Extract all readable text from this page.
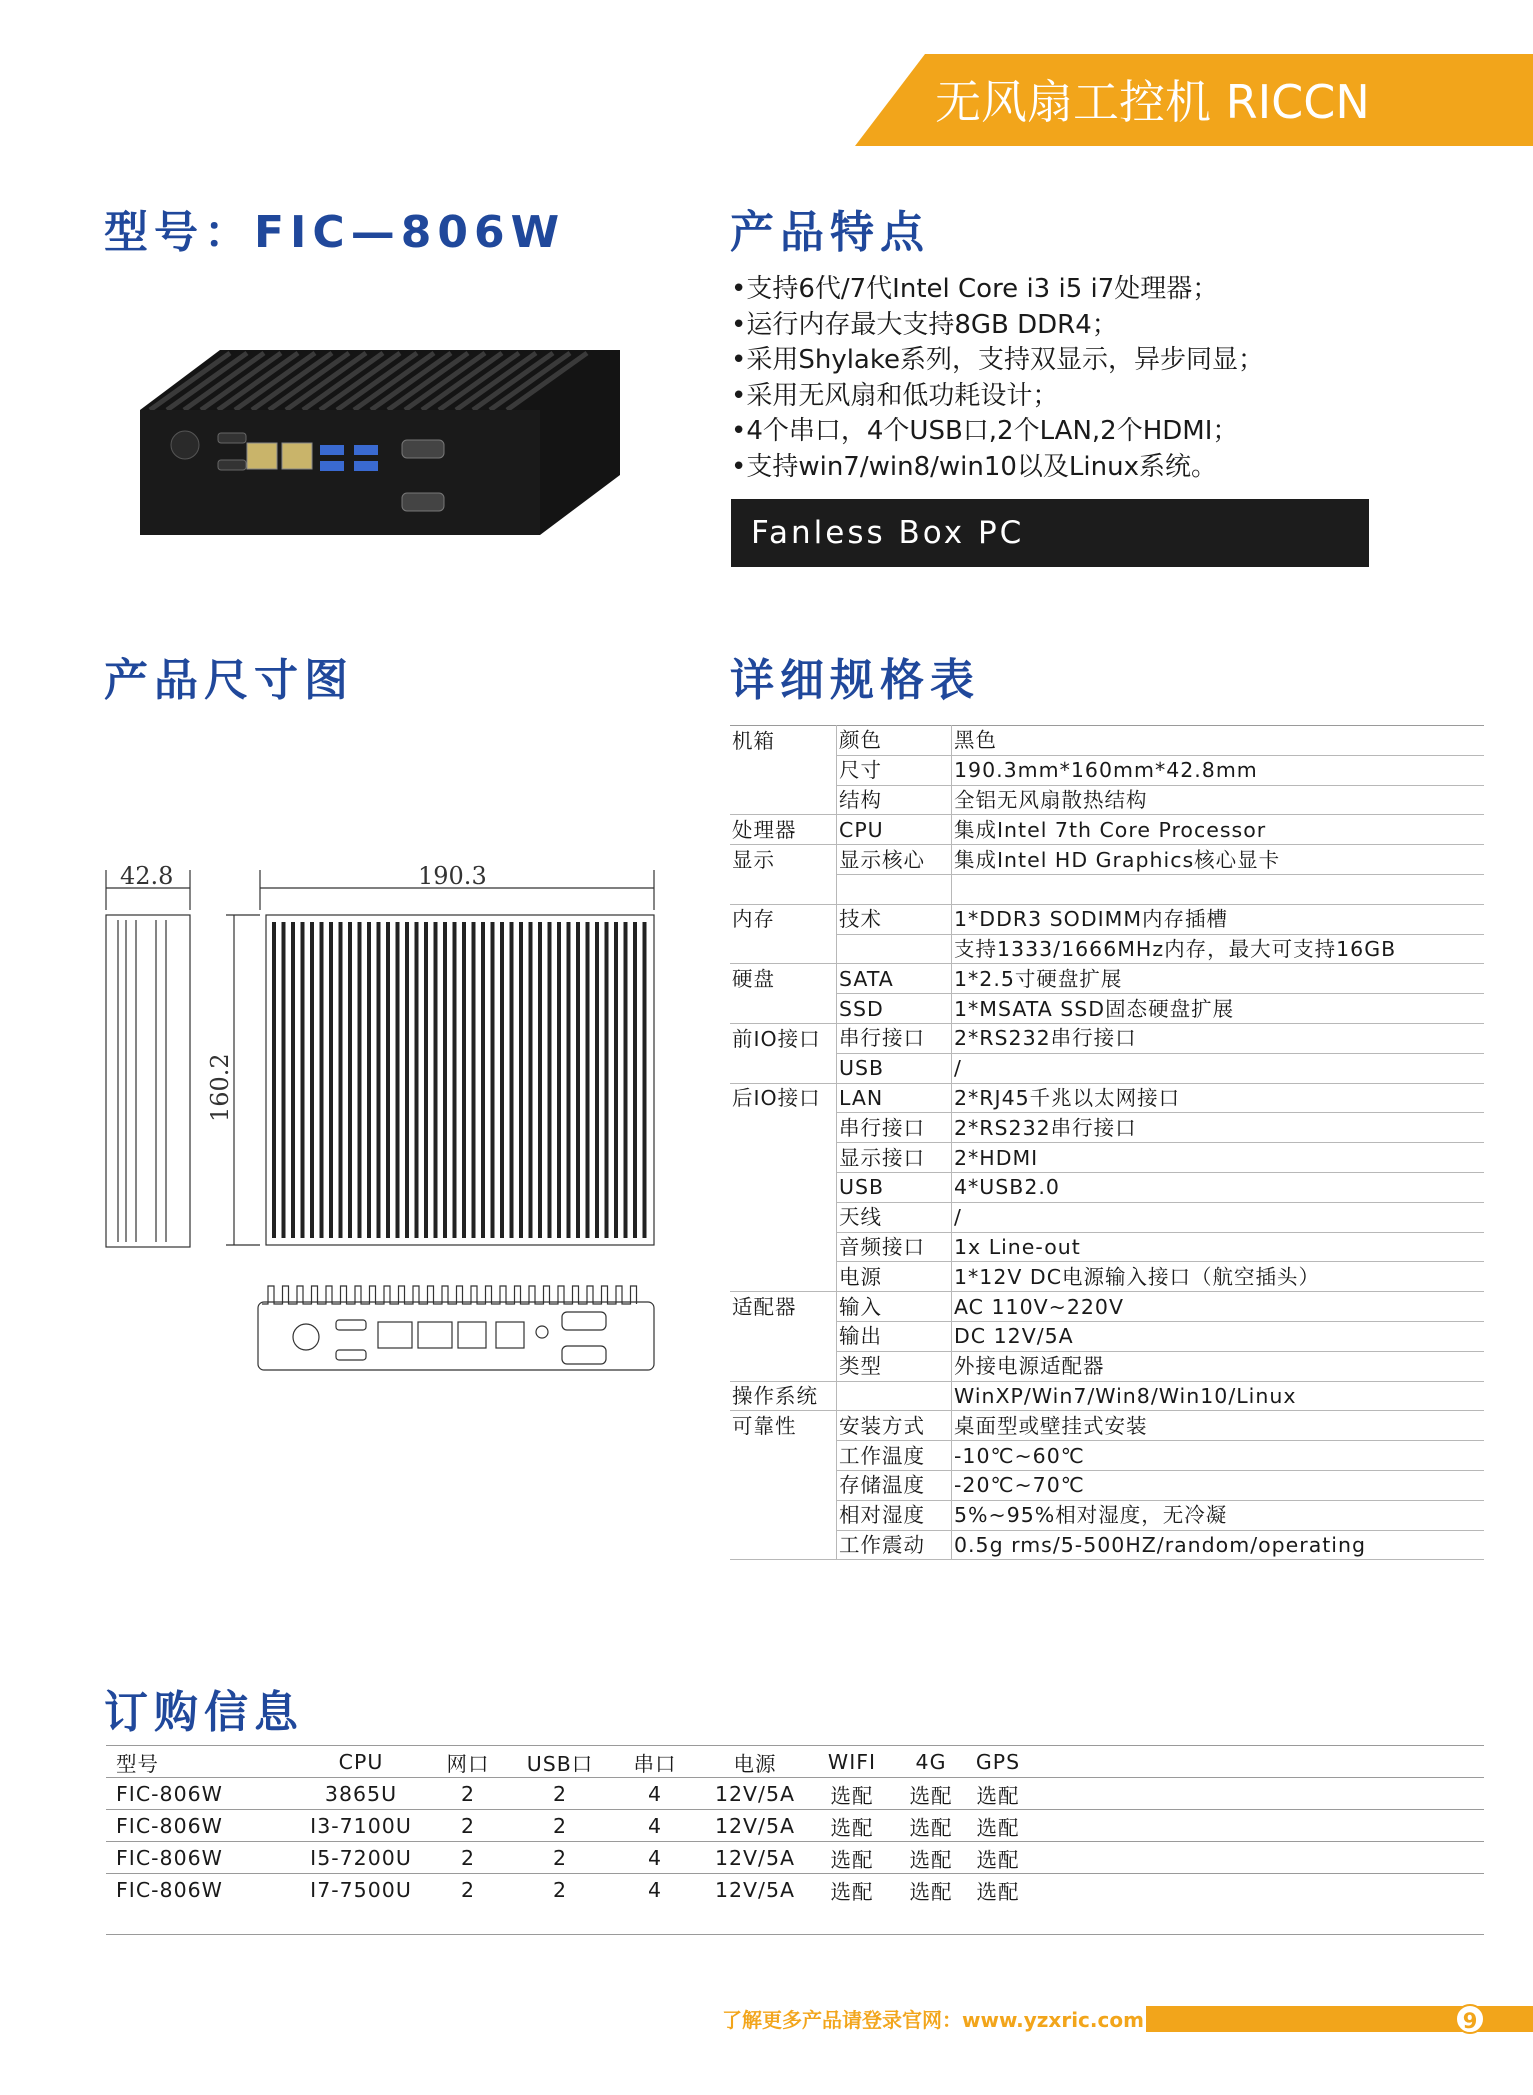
无风扇工控机 RICCN
型号：FIC—806W	产品特点
•支持6代/7代Intel Core i3 i5 i7处理器；
•运行内存最大支持8GB DDR4；
•采用Shylake系列，支持双显示，异步同显；
•采用无风扇和低功耗设计；
•4个串口，4个USB口,2个LAN,2个HDMI；
•支持win7/win8/win10以及Linux系统。
Fanless Box PC
产品尺寸图
42.8	190.3
160.2
详细规格表
机箱	颜色	黑色
	尺寸	190.3mm*160mm*42.8mm
	结构	全铝无风扇散热结构
处理器	CPU	集成Intel 7th Core Processor
显示	显示核心	集成Intel HD Graphics核心显卡

内存	技术	1*DDR3 SODIMM内存插槽
		支持1333/1666MHz内存，最大可支持16GB
硬盘	SATA	1*2.5寸硬盘扩展
	SSD	1*MSATA SSD固态硬盘扩展
前IO接口	串行接口	2*RS232串行接口
	USB	/
后IO接口	LAN	2*RJ45千兆以太网接口
	串行接口	2*RS232串行接口
	显示接口	2*HDMI
	USB	4*USB2.0
	天线	/
	音频接口	1x Line-out
	电源	1*12V DC电源输入接口（航空插头）
适配器	输入	AC 110V~220V
	输出	DC 12V/5A
	类型	外接电源适配器
操作系统		WinXP/Win7/Win8/Win10/Linux
可靠性	安装方式	桌面型或壁挂式安装
	工作温度	-10℃~60℃
	存储温度	-20℃~70℃
	相对湿度	5%~95%相对湿度，无冷凝
	工作震动	0.5g rms/5-500HZ/random/operating
订购信息
型号	CPU	网口	USB口	串口	电源	WIFI	4G	GPS	
FIC-806W	3865U	2	2	4	12V/5A	选配	选配	选配	
FIC-806W	I3-7100U	2	2	4	12V/5A	选配	选配	选配	
FIC-806W	I5-7200U	2	2	4	12V/5A	选配	选配	选配	
FIC-806W	I7-7500U	2	2	4	12V/5A	选配	选配	选配	
了解更多产品请登录官网：www.yzxric.com	9
